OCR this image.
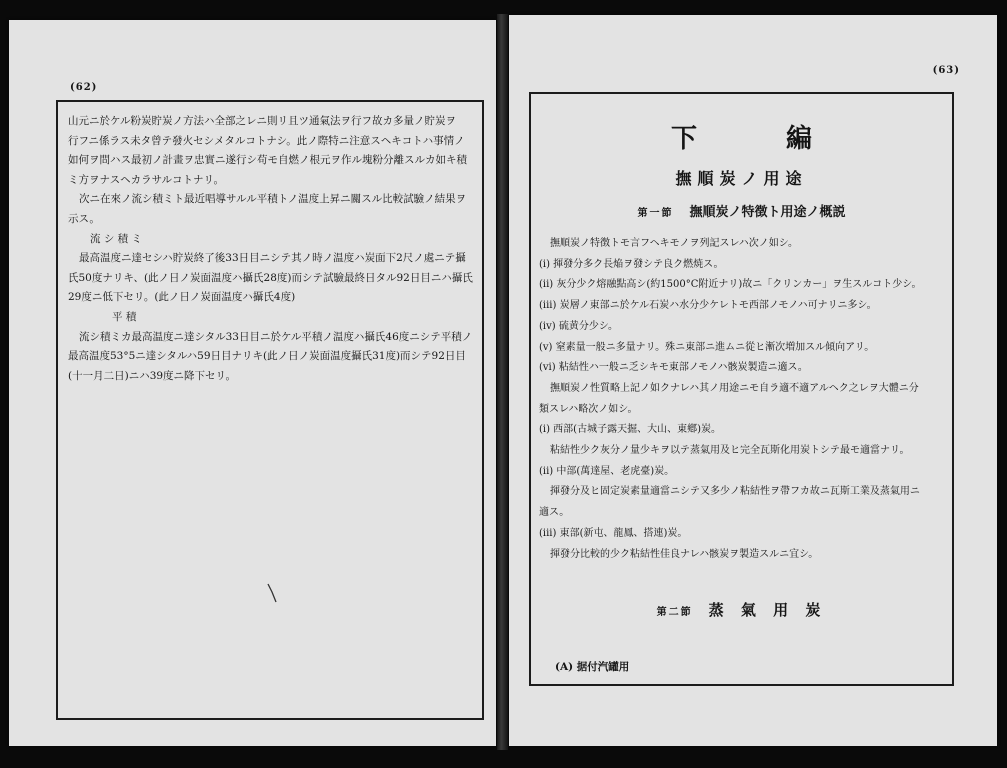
(62)

山元ニ於ケル粉炭貯炭ノ方法ハ全部之レニ則リ且ツ通氣法ヲ行フ故カ多量ノ貯炭ヲ

行フニ係ラス未タ曾テ發火セシメタルコトナシ。此ノ際特ニ注意スヘキコトハ事情ノ

如何ヲ問ハス最初ノ計畫ヲ忠實ニ遂行シ苟モ自燃ノ根元ヲ作ル塊粉分離スルカ如キ積

ミ方ヲナスヘカラサルコトナリ。

次ニ在來ノ流シ積ミト最近唱導サルル平積トノ温度上昇ニ關スル比較試驗ノ結果ヲ

示ス。

流 シ 積 ミ

最高温度ニ達セシハ貯炭終了後33日目ニシテ其ノ時ノ温度ハ炭面下2尺ノ處ニテ攝

氏50度ナリキ、(此ノ日ノ炭面温度ハ攝氏28度)而シテ試驗最終日タル92日目ニハ攝氏

29度ニ低下セリ。(此ノ日ノ炭面温度ハ攝氏4度)

平 積

流シ積ミカ最高温度ニ達シタル33日目ニ於ケル平積ノ温度ハ攝氏46度ニシテ平積ノ

最高温度53°5ニ達シタルハ59日目ナリキ(此ノ日ノ炭面温度攝氏31度)而シテ92日目

(十一月二日)ニハ39度ニ降下セリ。

(63)
下 編
撫順炭ノ用途
第一節 撫順炭ノ特徴ト用途ノ概説

撫順炭ノ特徴トモ言フヘキモノヲ列記スレハ次ノ如シ。

(i) 揮發分多ク長焔ヲ發シテ良ク燃焼ス。

(ii) 灰分少ク熔融點高シ(約1500°C附近ナリ)故ニ「クリンカー」ヲ生スルコト少シ。

(iii) 炭層ノ東部ニ於ケル石炭ハ水分少ケレトモ西部ノモノハ可ナリニ多シ。

(iv) 硫黄分少シ。

(v) 窒素量一般ニ多量ナリ。殊ニ東部ニ進ムニ從ヒ漸次増加スル傾向アリ。

(vi) 粘結性ハ一般ニ乏シキモ東部ノモノハ骸炭製造ニ適ス。

撫順炭ノ性質略上記ノ如クナレハ其ノ用途ニモ自ラ適不適アルヘク之レヲ大體ニ分

類スレハ略次ノ如シ。

(i) 西部(古城子露天掘、大山、東鄕)炭。

粘結性少ク灰分ノ量少キヲ以テ蒸氣用及ヒ完全瓦斯化用炭トシテ最モ適當ナリ。

(ii) 中部(萬達屋、老虎臺)炭。

揮發分及ヒ固定炭素量適當ニシテ又多少ノ粘結性ヲ帶フカ故ニ瓦斯工業及蒸氣用ニ

適ス。

(iii) 東部(新屯、龍鳳、搭連)炭。

揮發分比較的少ク粘結性佳良ナレハ骸炭ヲ製造スルニ宜シ。

第二節 蒸 氣 用 炭
(A) 据付汽罐用
